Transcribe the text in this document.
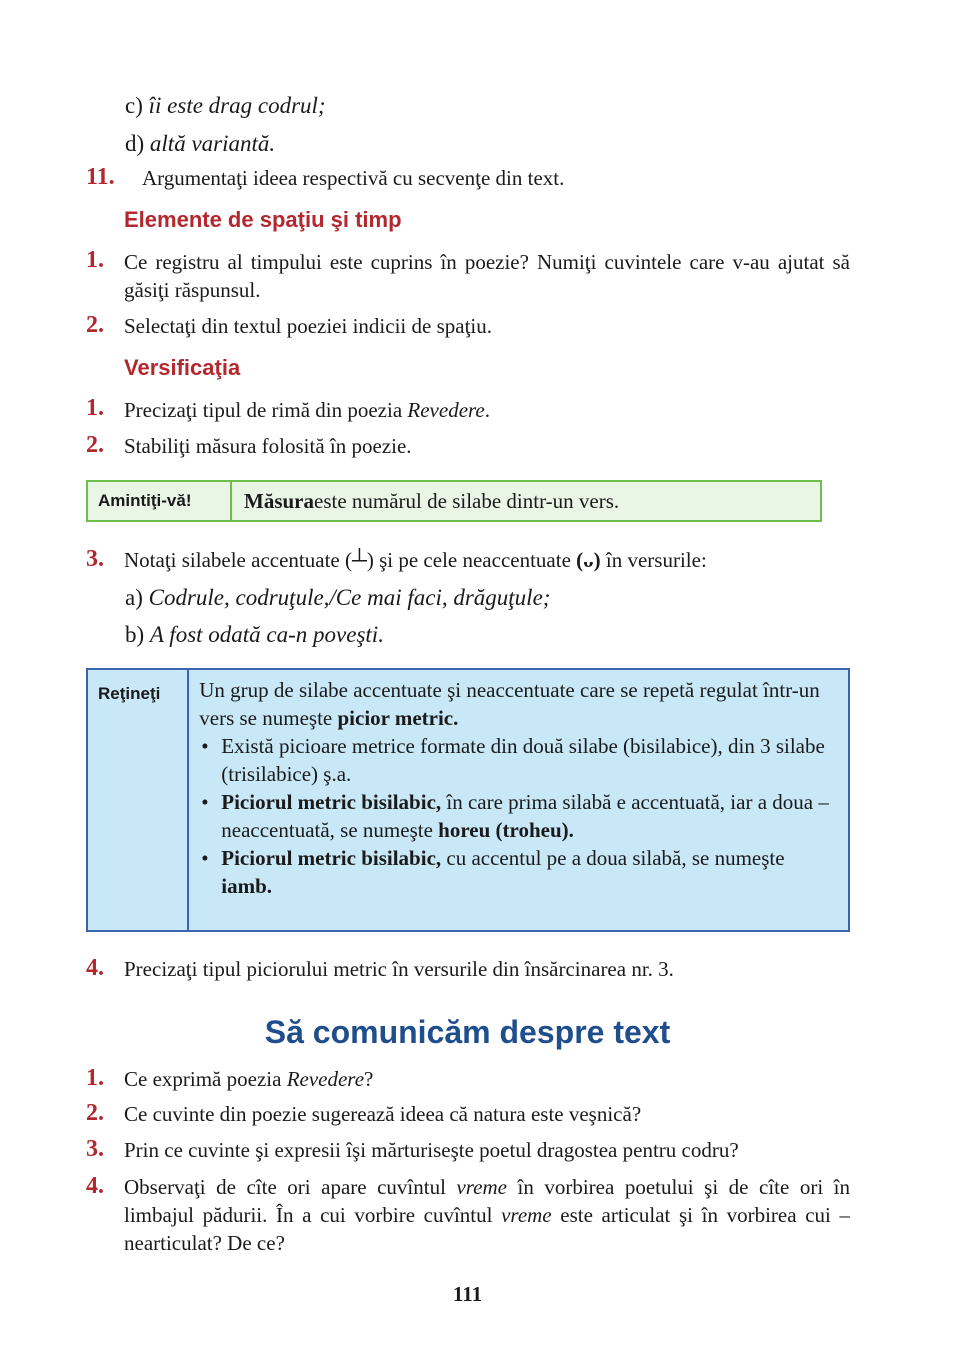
c) îi este drag codrul;
d) altă variantă.
11.	Argumentaţi ideea respectivă cu secvenţe din text.
Elemente de spaţiu şi timp
1. Ce registru al timpului este cuprins în poezie? Numiţi cuvintele care v-au ajutat să găsiţi răspunsul.
2. Selectaţi din textul poeziei indicii de spaţiu.
Versificaţia
1. Precizaţi tipul de rimă din poezia Revedere.
2. Stabiliţi măsura folosită în poezie.
Amintiţi-vă!	Măsura este numărul de silabe dintr-un vers.
3. Notaţi silabele accentuate (┴) şi pe cele neaccentuate (ᴗ) în versurile:
a) Codrule, codruţule,/Ce mai faci, drăguţule;
b) A fost odată ca-n poveşti.
Reţineţi	Un grup de silabe accentuate şi neaccentuate care se repetă regulat într-un vers se numeşte picior metric.
• Există picioare metrice formate din două silabe (bisilabice), din 3 silabe (trisilabice) ş.a.
• Piciorul metric bisilabic, în care prima silabă e accentuată, iar a doua – neaccentuată, se numeşte horeu (troheu).
• Piciorul metric bisilabic, cu accentul pe a doua silabă, se numeşte iamb.
4. Precizaţi tipul piciorului metric în versurile din însărcinarea nr. 3.
Să comunicăm despre text
1. Ce exprimă poezia Revedere?
2. Ce cuvinte din poezie sugerează ideea că natura este veşnică?
3. Prin ce cuvinte şi expresii îşi mărturiseşte poetul dragostea pentru codru?
4. Observaţi de cîte ori apare cuvîntul vreme în vorbirea poetului şi de cîte ori în limbajul pădurii. În a cui vorbire cuvîntul vreme este articulat şi în vorbirea cui – nearticulat? De ce?
111
